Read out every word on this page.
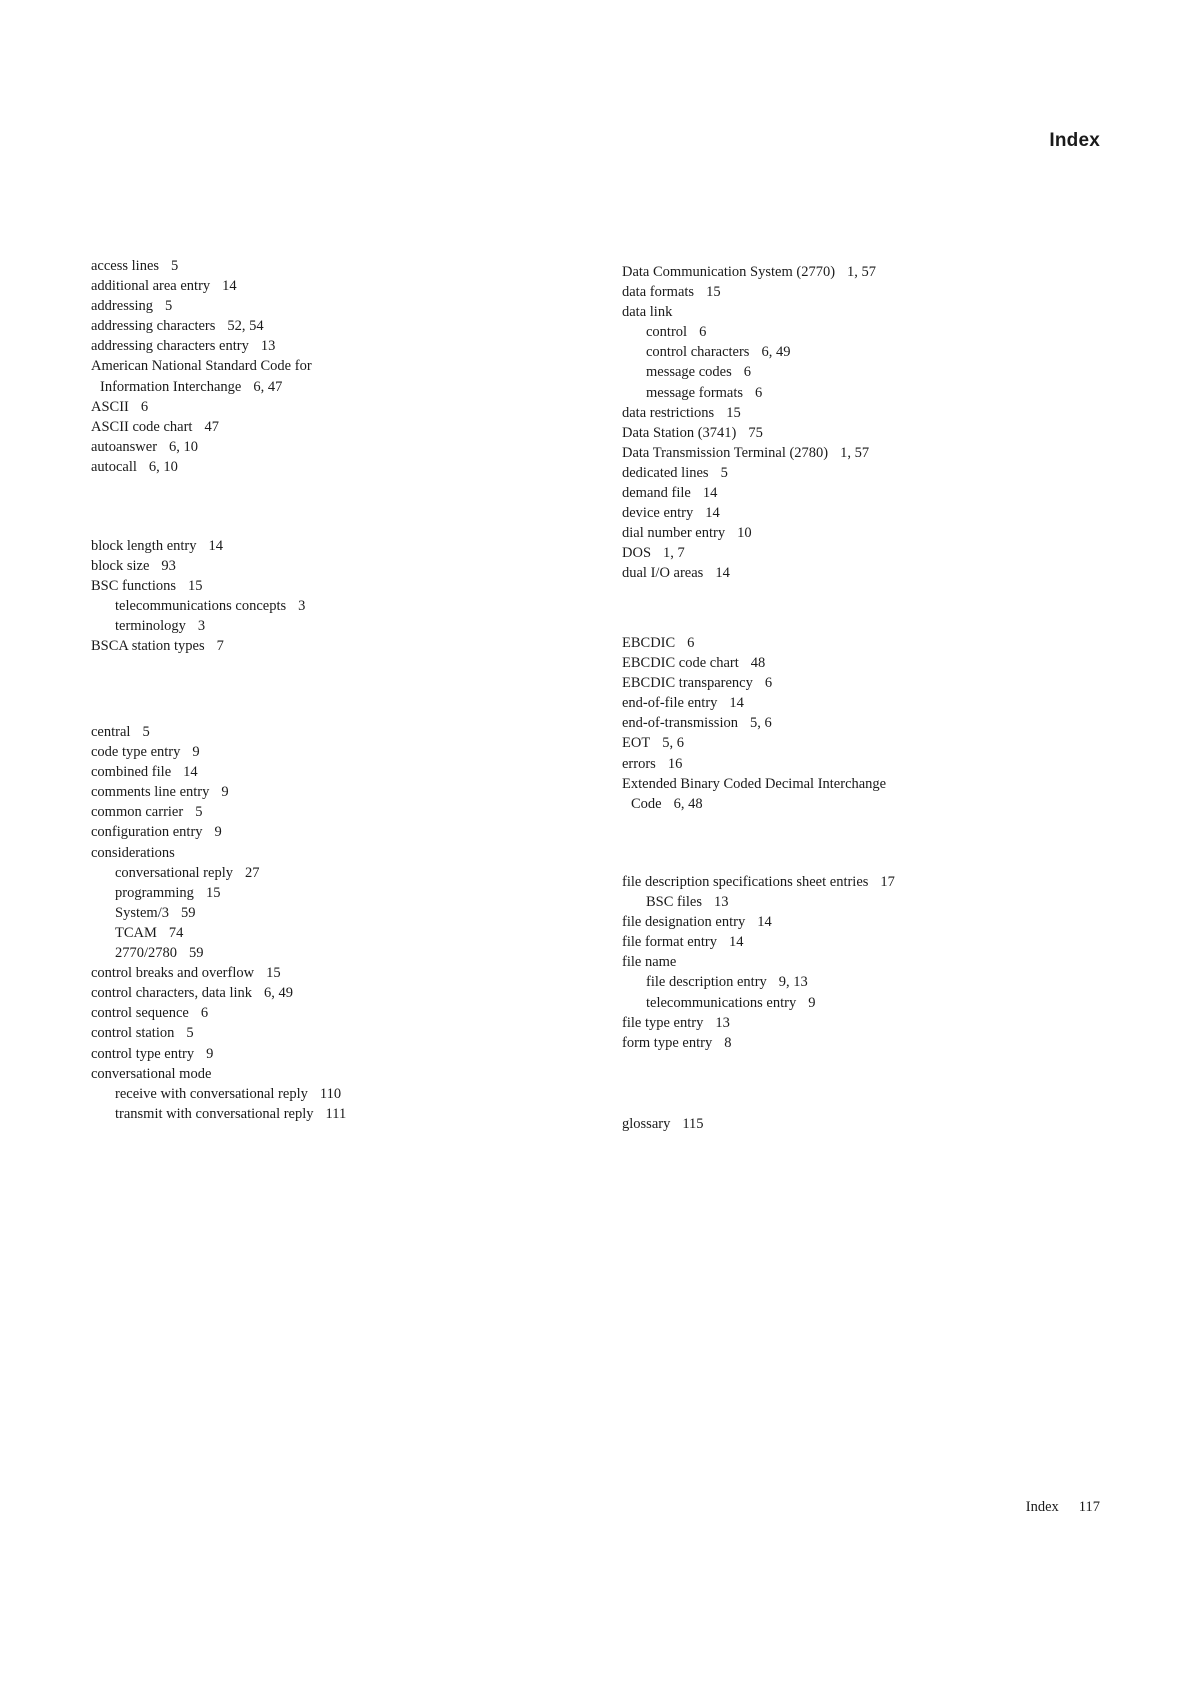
Index
access lines 5
additional area entry 14
addressing 5
addressing characters 52, 54
addressing characters entry 13
American National Standard Code for
Information Interchange 6, 47
ASCII 6
ASCII code chart 47
autoanswer 6, 10
autocall 6, 10
block length entry 14
block size 93
BSC functions 15
telecommunications concepts 3
terminology 3
BSCA station types 7
central 5
code type entry 9
combined file 14
comments line entry 9
common carrier 5
configuration entry 9
considerations
conversational reply 27
programming 15
System/3 59
TCAM 74
2770/2780 59
control breaks and overflow 15
control characters, data link 6, 49
control sequence 6
control station 5
control type entry 9
conversational mode
receive with conversational reply 110
transmit with conversational reply 111
Data Communication System (2770) 1, 57
data formats 15
data link
control 6
control characters 6, 49
message codes 6
message formats 6
data restrictions 15
Data Station (3741) 75
Data Transmission Terminal (2780) 1, 57
dedicated lines 5
demand file 14
device entry 14
dial number entry 10
DOS 1, 7
dual I/O areas 14
EBCDIC 6
EBCDIC code chart 48
EBCDIC transparency 6
end-of-file entry 14
end-of-transmission 5, 6
EOT 5, 6
errors 16
Extended Binary Coded Decimal Interchange
Code 6, 48
file description specifications sheet entries 17
BSC files 13
file designation entry 14
file format entry 14
file name
file description entry 9, 13
telecommunications entry 9
file type entry 13
form type entry 8
glossary 115
Index 117
